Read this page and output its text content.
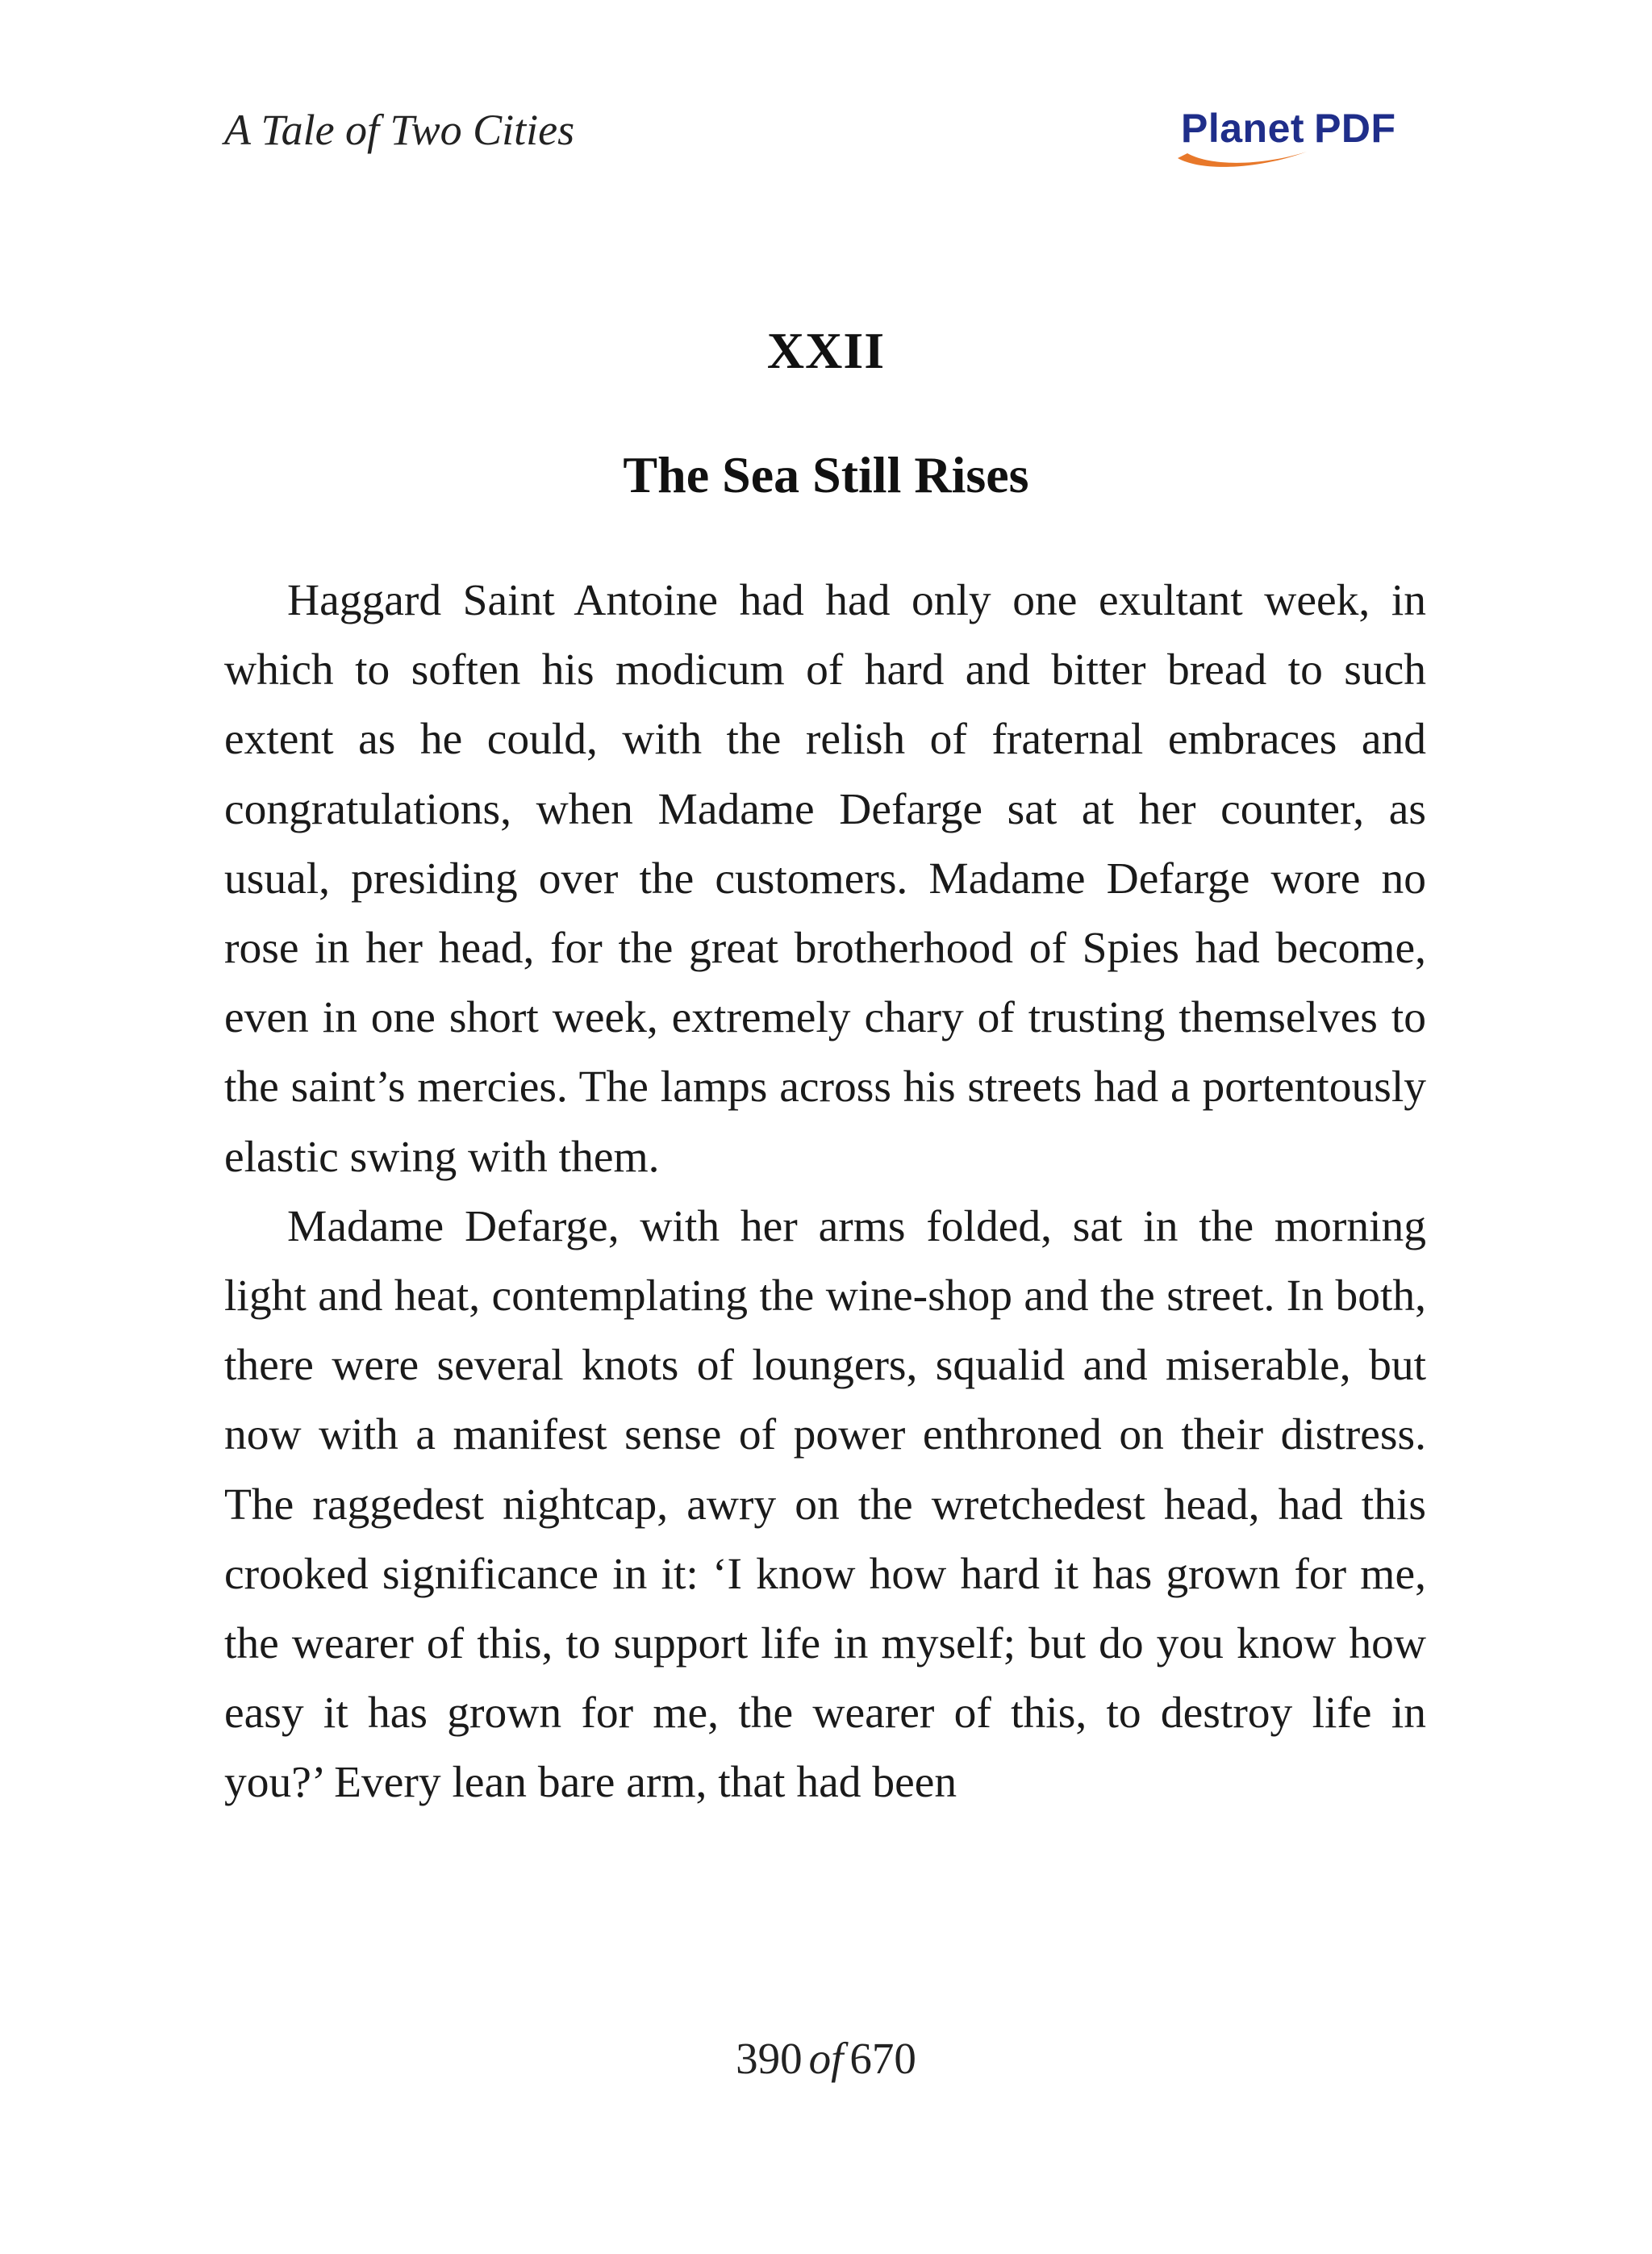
A Tale of Two Cities	Planet PDF
XXII
The Sea Still Rises

Haggard Saint Antoine had had only one exultant week, in which to soften his modicum of hard and bitter bread to such extent as he could, with the relish of fraternal embraces and congratulations, when Madame Defarge sat at her counter, as usual, presiding over the customers. Madame Defarge wore no rose in her head, for the great brotherhood of Spies had become, even in one short week, extremely chary of trusting themselves to the saint’s mercies. The lamps across his streets had a portentously elastic swing with them.

Madame Defarge, with her arms folded, sat in the morning light and heat, contemplating the wine-shop and the street. In both, there were several knots of loungers, squalid and miserable, but now with a manifest sense of power enthroned on their distress. The raggedest nightcap, awry on the wretchedest head, had this crooked significance in it: ‘I know how hard it has grown for me, the wearer of this, to support life in myself; but do you know how easy it has grown for me, the wearer of this, to destroy life in you?’ Every lean bare arm, that had been

390 of 670
